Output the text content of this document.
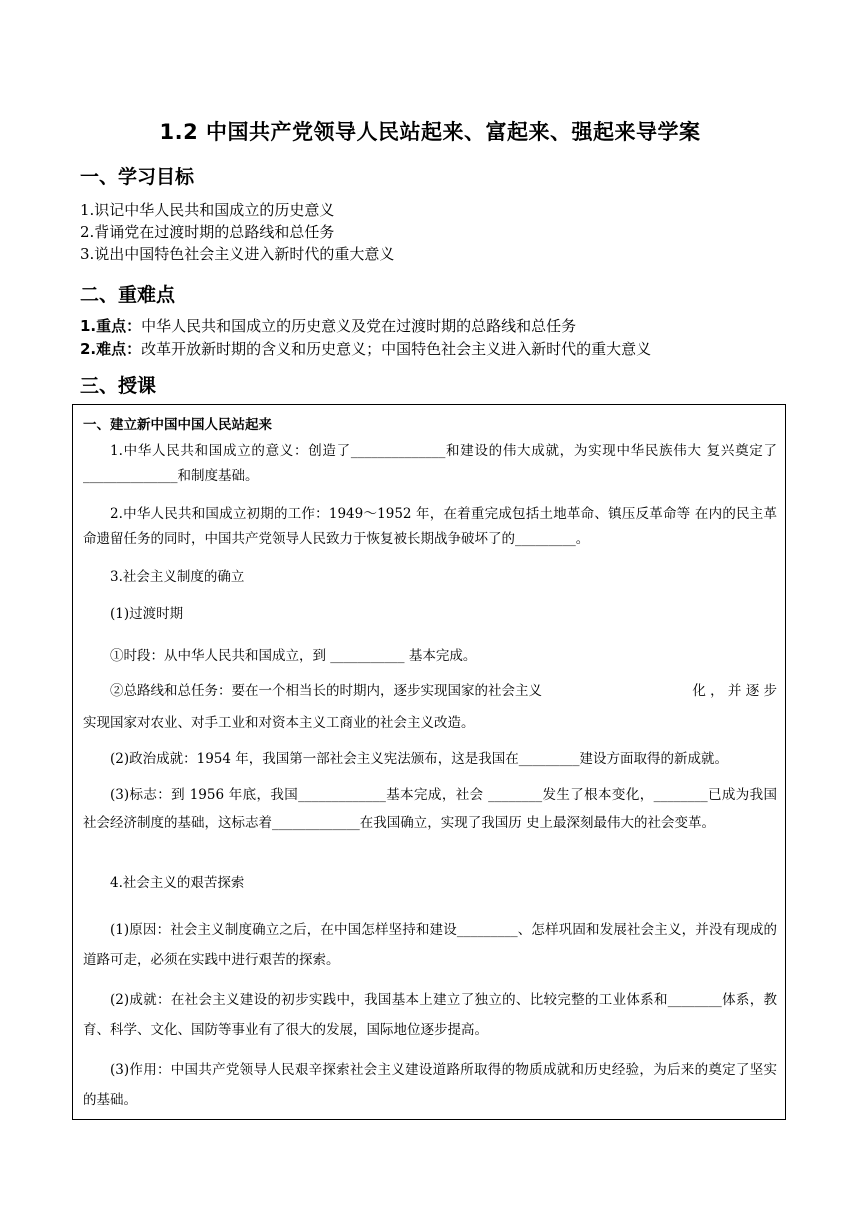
1.2 中国共产党领导人民站起来、富起来、强起来导学案
一、学习目标
1.识记中华人民共和国成立的历史意义
2.背诵党在过渡时期的总路线和总任务
3.说出中国特色社会主义进入新时代的重大意义
二、重难点
1.重点：中华人民共和国成立的历史意义及党在过渡时期的总路线和总任务
2.难点：改革开放新时期的含义和历史意义；中国特色社会主义进入新时代的重大意义
三、授课
一、建立新中国中国人民站起来

1.中华人民共和国成立的意义：创造了______________和建设的伟大成就，为实现中华民族伟大 复兴奠定了______________和制度基础。

2.中华人民共和国成立初期的工作：1949～1952 年，在着重完成包括土地革命、镇压反革命等 在内的民主革命遗留任务的同时，中国共产党领导人民致力于恢复被长期战争破坏了的_________。

3.社会主义制度的确立
(1)过渡时期
①时段：从中华人民共和国成立，到 ___________ 基本完成。
②总路线和总任务：要在一个相当长的时期内，逐步实现国家的社会主义	化 ， 并 逐 步
实现国家对农业、对手工业和对资本主义工商业的社会主义改造。

(2)政治成就：1954 年，我国第一部社会主义宪法颁布，这是我国在_________建设方面取得的新成就。

(3)标志：到 1956 年底，我国_____________基本完成，社会 ________发生了根本变化，________已成为我国社会经济制度的基础，这标志着_____________在我国确立，实现了我国历 史上最深刻最伟大的社会变革。

4.社会主义的艰苦探索

(1)原因：社会主义制度确立之后，在中国怎样坚持和建设_________、怎样巩固和发展社会主义，并没有现成的道路可走，必须在实践中进行艰苦的探索。

(2)成就：在社会主义建设的初步实践中，我国基本上建立了独立的、比较完整的工业体系和________体系，教育、科学、文化、国防等事业有了很大的发展，国际地位逐步提高。

(3)作用：中国共产党领导人民艰辛探索社会主义建设道路所取得的物质成就和历史经验，为后来的奠定了坚实的基础。
